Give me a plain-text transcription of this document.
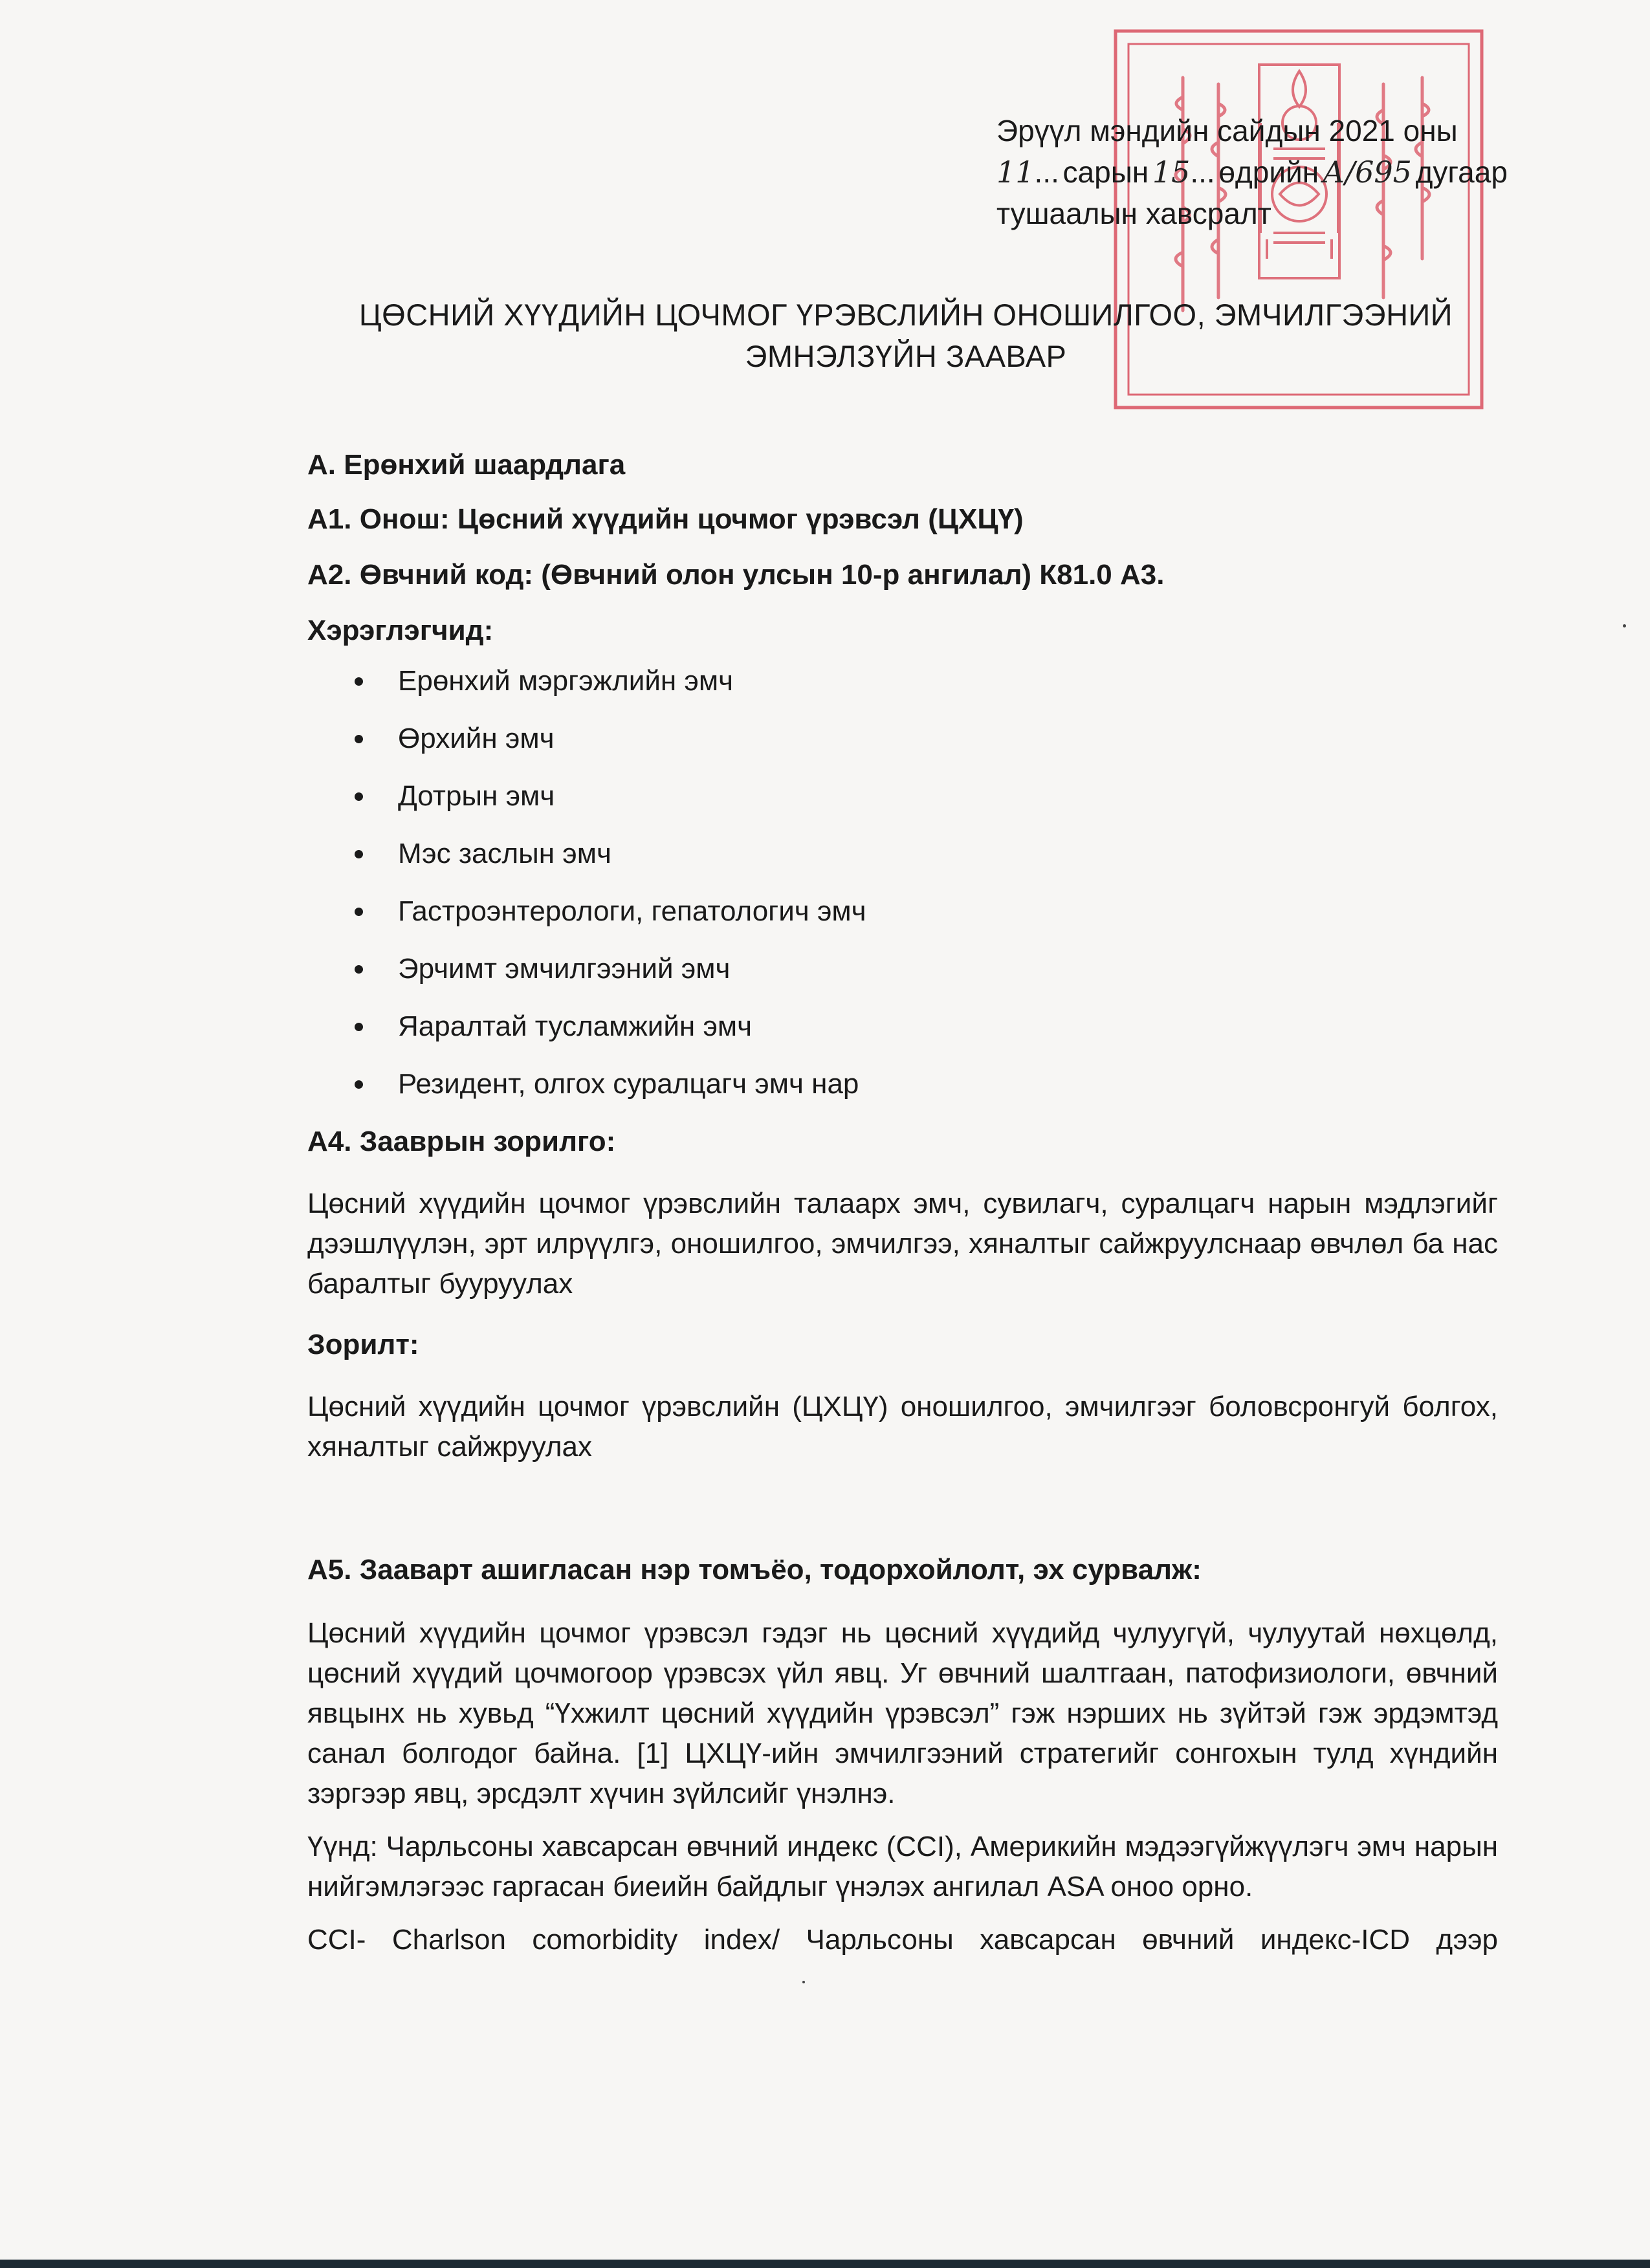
Эрүүл мэндийн сайдын 2021 оны
11... сарын 15... өдрийн А/695 дугаар
тушаалын хавсралт
ЦӨСНИЙ ХҮҮДИЙН ЦОЧМОГ ҮРЭВСЛИЙН ОНОШИЛГОО, ЭМЧИЛГЭЭНИЙ
ЭМНЭЛЗҮЙН ЗААВАР

А. Ерөнхий шаардлага

А1. Онош: Цөсний хүүдийн цочмог үрэвсэл (ЦХЦҮ)

А2. Өвчний код: (Өвчний олон улсын 10-р ангилал) К81.0 А3.

Хэрэглэгчид:

Ерөнхий мэргэжлийн эмч
Өрхийн эмч
Дотрын эмч
Мэс заслын эмч
Гастроэнтерологи, гепатологич эмч
Эрчимт эмчилгээний эмч
Яаралтай тусламжийн эмч
Резидент, олгох суралцагч эмч нар

А4. Зааврын зорилго:

Цөсний хүүдийн цочмог үрэвслийн талаарх эмч, сувилагч, суралцагч нарын мэдлэгийг дээшлүүлэн, эрт илрүүлгэ, оношилгоо, эмчилгээ, хяналтыг сайжруулснаар өвчлөл ба нас баралтыг бууруулах

Зорилт:

Цөсний хүүдийн цочмог үрэвслийн (ЦХЦҮ) оношилгоо, эмчилгээг боловсронгуй болгох, хяналтыг сайжруулах

А5. Зааварт ашигласан нэр томъёо, тодорхойлолт, эх сурвалж:

Цөсний хүүдийн цочмог үрэвсэл гэдэг нь цөсний хүүдийд чулуугүй, чулуутай нөхцөлд, цөсний хүүдий цочмогоор үрэвсэх үйл явц. Уг өвчний шалтгаан, патофизиологи, өвчний явцынх нь хувьд “Үхжилт цөсний хүүдийн үрэвсэл” гэж нэрших нь зүйтэй гэж эрдэмтэд санал болгодог байна. [1] ЦХЦҮ-ийн эмчилгээний стратегийг сонгохын тулд хүндийн зэргээр явц, эрсдэлт хүчин зүйлсийг үнэлнэ.

Үүнд: Чарльсоны хавсарсан өвчний индекс (CCI), Америкийн мэдээгүйжүүлэгч эмч нарын нийгэмлэгээс гаргасан биеийн байдлыг үнэлэх ангилал ASA оноо орно.

CCI- Charlson comorbidity index/ Чарльсоны хавсарсан өвчний индекс-ICD дээр
